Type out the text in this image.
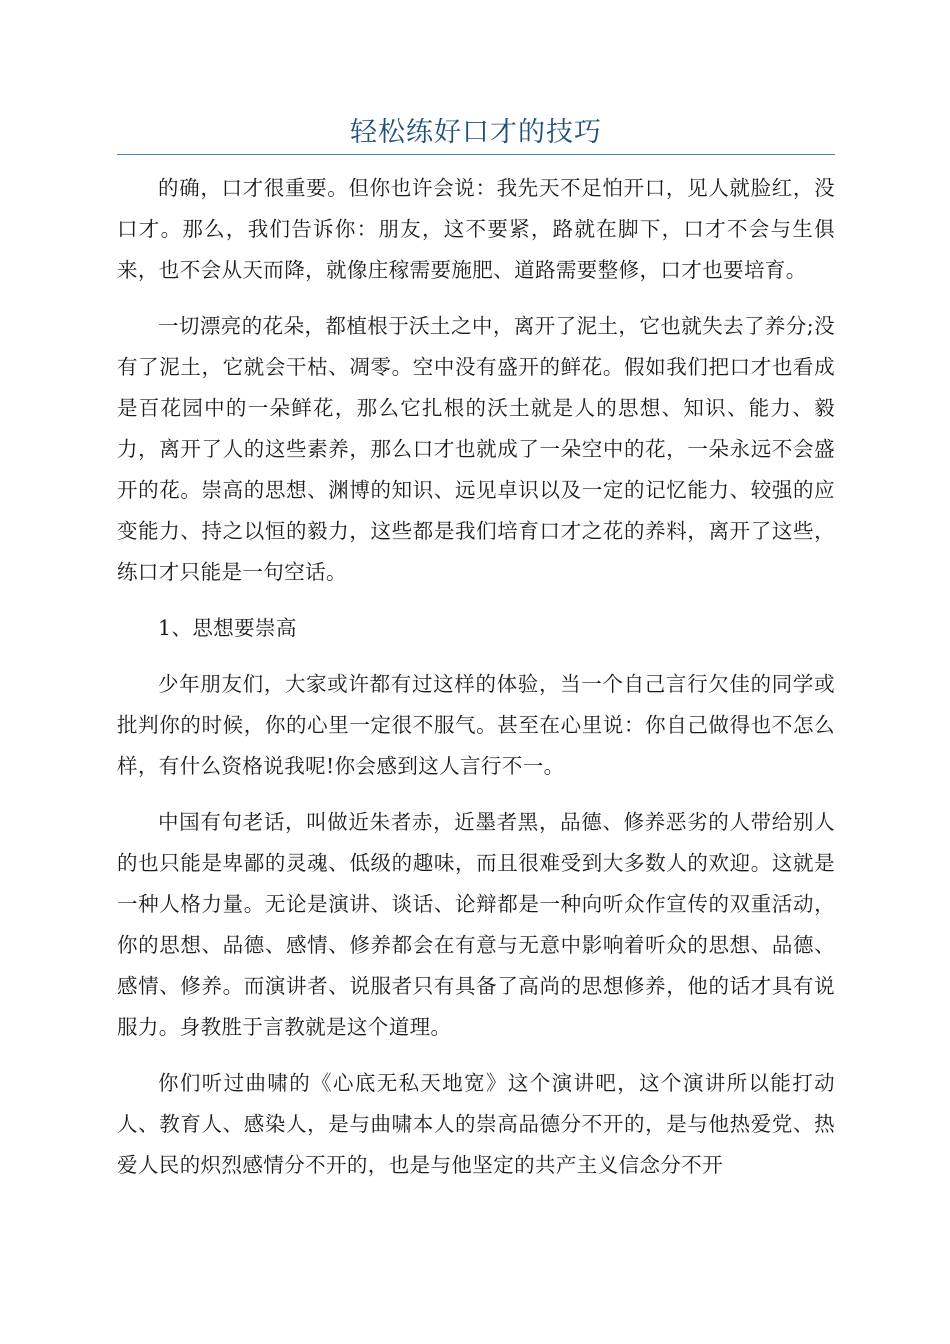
轻松练好口才的技巧

的确，口才很重要。但你也许会说：我先天不足怕开口，见人就脸红，没口才。那么，我们告诉你：朋友，这不要紧，路就在脚下，口才不会与生俱来，也不会从天而降，就像庄稼需要施肥、道路需要整修，口才也要培育。

一切漂亮的花朵，都植根于沃土之中，离开了泥土，它也就失去了养分;没有了泥土，它就会干枯、凋零。空中没有盛开的鲜花。假如我们把口才也看成是百花园中的一朵鲜花，那么它扎根的沃土就是人的思想、知识、能力、毅力，离开了人的这些素养，那么口才也就成了一朵空中的花，一朵永远不会盛开的花。崇高的思想、渊博的知识、远见卓识以及一定的记忆能力、较强的应变能力、持之以恒的毅力，这些都是我们培育口才之花的养料，离开了这些，练口才只能是一句空话。

1、思想要崇高

少年朋友们，大家或许都有过这样的体验，当一个自己言行欠佳的同学或批判你的时候，你的心里一定很不服气。甚至在心里说：你自己做得也不怎么样，有什么资格说我呢!你会感到这人言行不一。

中国有句老话，叫做近朱者赤，近墨者黑，品德、修养恶劣的人带给别人的也只能是卑鄙的灵魂、低级的趣味，而且很难受到大多数人的欢迎。这就是一种人格力量。无论是演讲、谈话、论辩都是一种向听众作宣传的双重活动，你的思想、品德、感情、修养都会在有意与无意中影响着听众的思想、品德、感情、修养。而演讲者、说服者只有具备了高尚的思想修养，他的话才具有说服力。身教胜于言教就是这个道理。

你们听过曲啸的《心底无私天地宽》这个演讲吧，这个演讲所以能打动人、教育人、感染人，是与曲啸本人的崇高品德分不开的，是与他热爱党、热爱人民的炽烈感情分不开的，也是与他坚定的共产主义信念分不开
